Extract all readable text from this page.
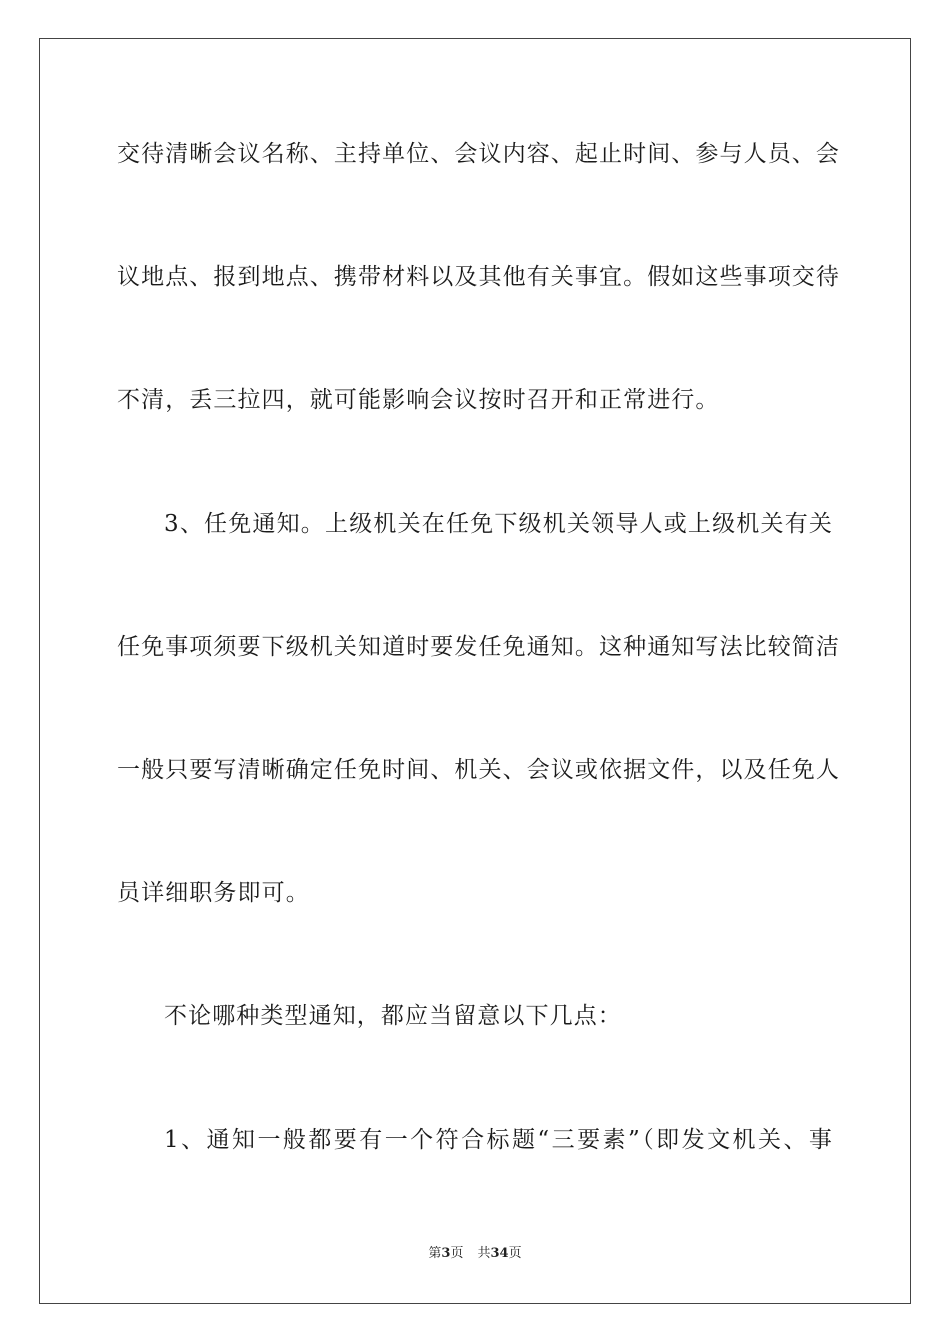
交待清晰会议名称、主持单位、会议内容、起止时间、参与人员、会
议地点、报到地点、携带材料以及其他有关事宜。假如这些事项交待
不清，丢三拉四，就可能影响会议按时召开和正常进行。
3、任免通知。上级机关在任免下级机关领导人或上级机关有关
任免事项须要下级机关知道时要发任免通知。这种通知写法比较简洁
一般只要写清晰确定任免时间、机关、会议或依据文件，以及任免人
员详细职务即可。
不论哪种类型通知，都应当留意以下几点：
1、通知一般都要有一个符合标题“三要素”（即发文机关、事
第3页 共34页
